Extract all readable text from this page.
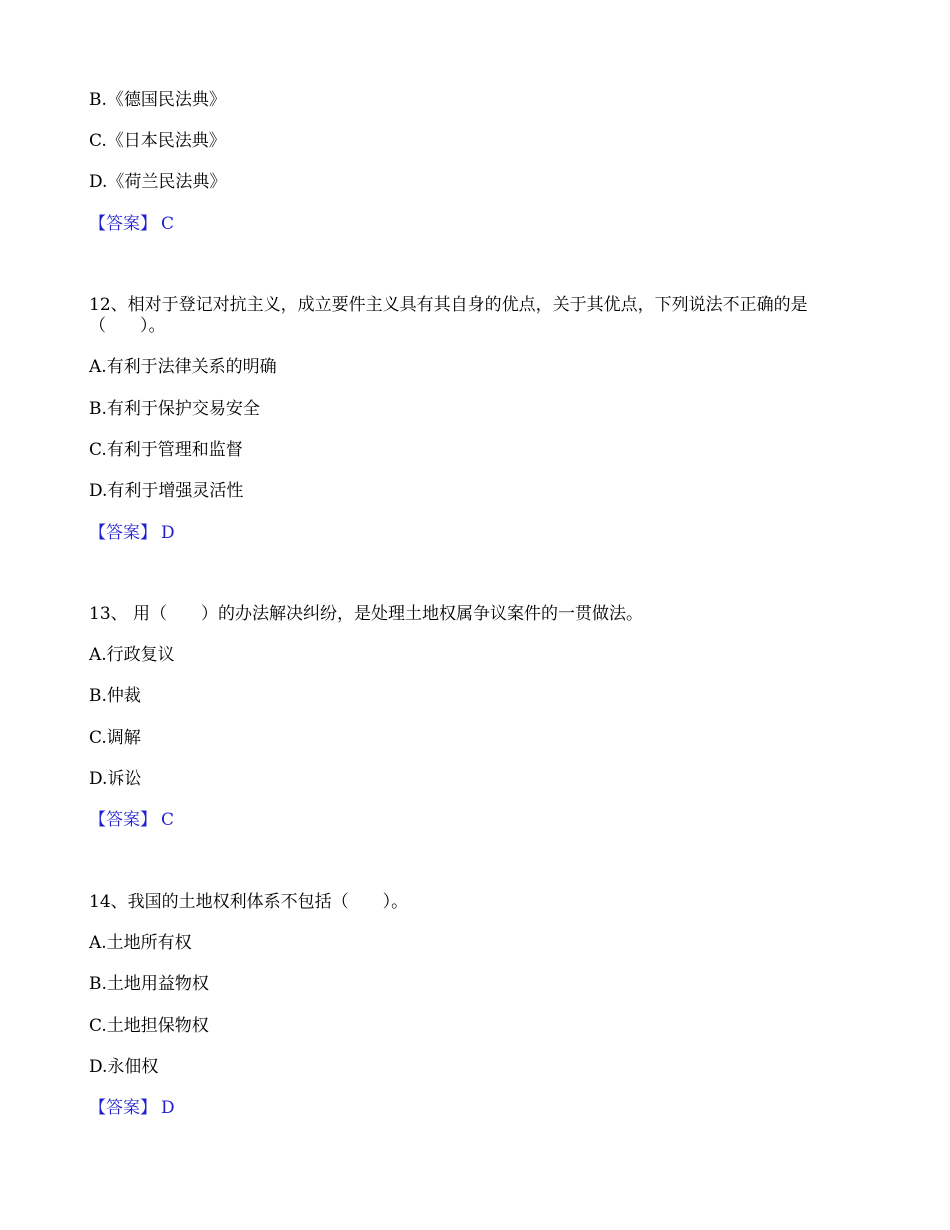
B.《德国民法典》
C.《日本民法典》
D.《荷兰民法典》
【答案】 C
12、相对于登记对抗主义，成立要件主义具有其自身的优点，关于其优点，下列说法不正确的是（　　）。
A.有利于法律关系的明确
B.有利于保护交易安全
C.有利于管理和监督
D.有利于增强灵活性
【答案】 D
13、 用（　　）的办法解决纠纷，是处理土地权属争议案件的一贯做法。
A.行政复议
B.仲裁
C.调解
D.诉讼
【答案】 C
14、我国的土地权利体系不包括（　　）。
A.土地所有权
B.土地用益物权
C.土地担保物权
D.永佃权
【答案】 D
